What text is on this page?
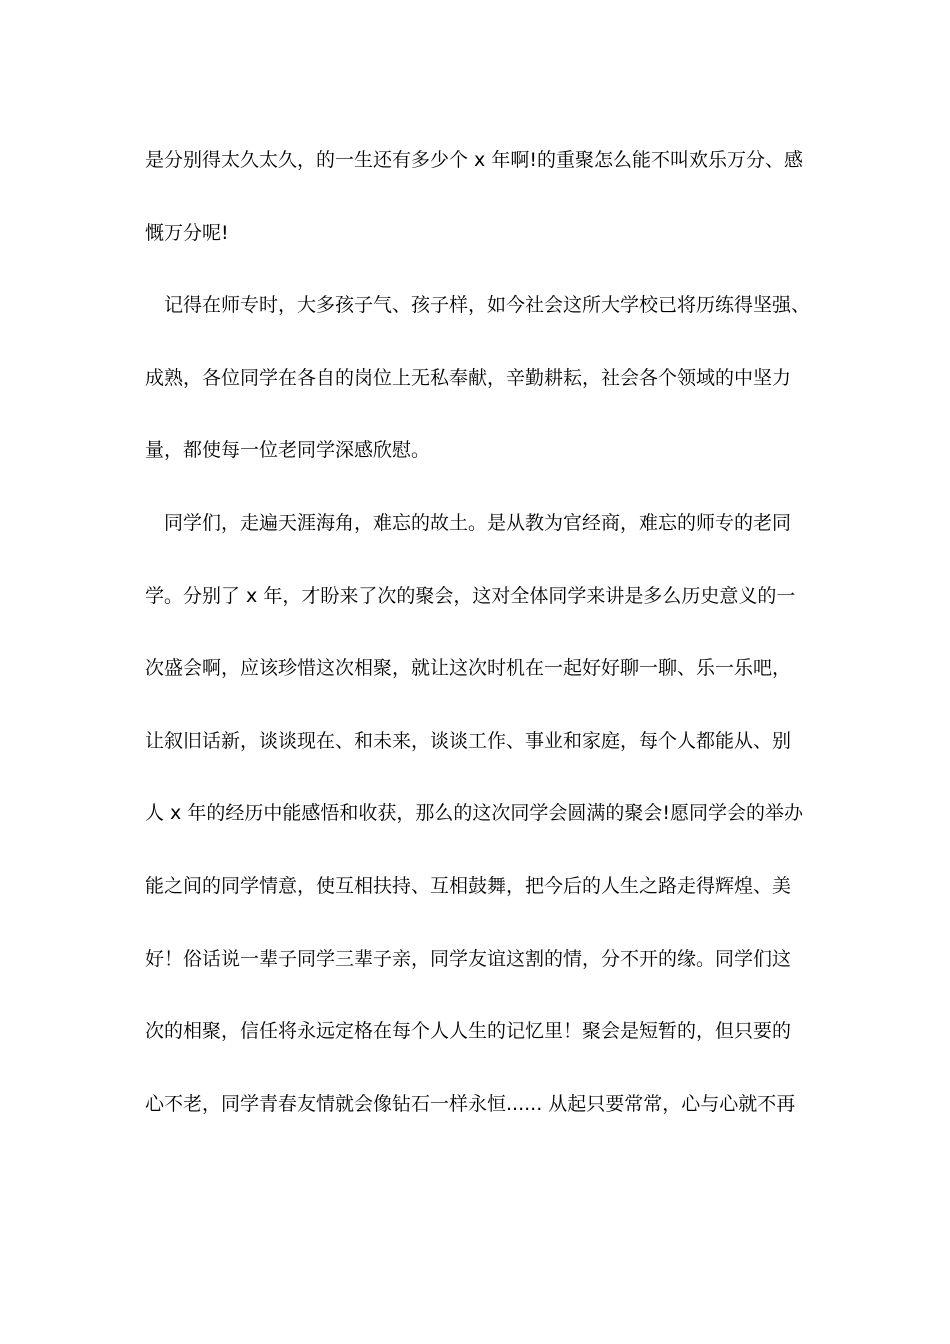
是分别得太久太久，的一生还有多少个 x 年啊!的重聚怎么能不叫欢乐万分、感
慨万分呢!
记得在师专时，大多孩子气、孩子样，如今社会这所大学校已将历练得坚强、
成熟，各位同学在各自的岗位上无私奉献，辛勤耕耘，社会各个领域的中坚力
量，都使每一位老同学深感欣慰。
同学们，走遍天涯海角，难忘的故土。是从教为官经商，难忘的师专的老同
学。分别了 x 年，才盼来了次的聚会，这对全体同学来讲是多么历史意义的一
次盛会啊，应该珍惜这次相聚，就让这次时机在一起好好聊一聊、乐一乐吧，
让叙旧话新，谈谈现在、和未来，谈谈工作、事业和家庭，每个人都能从、别
人 x 年的经历中能感悟和收获，那么的这次同学会圆满的聚会!愿同学会的举办
能之间的同学情意，使互相扶持、互相鼓舞，把今后的人生之路走得辉煌、美
好！俗话说一辈子同学三辈子亲，同学友谊这割的情，分不开的缘。同学们这
次的相聚，信任将永远定格在每个人人生的记忆里！聚会是短暂的，但只要的
心不老，同学青春友情就会像钻石一样永恒...... 从起只要常常，心与心就不再
